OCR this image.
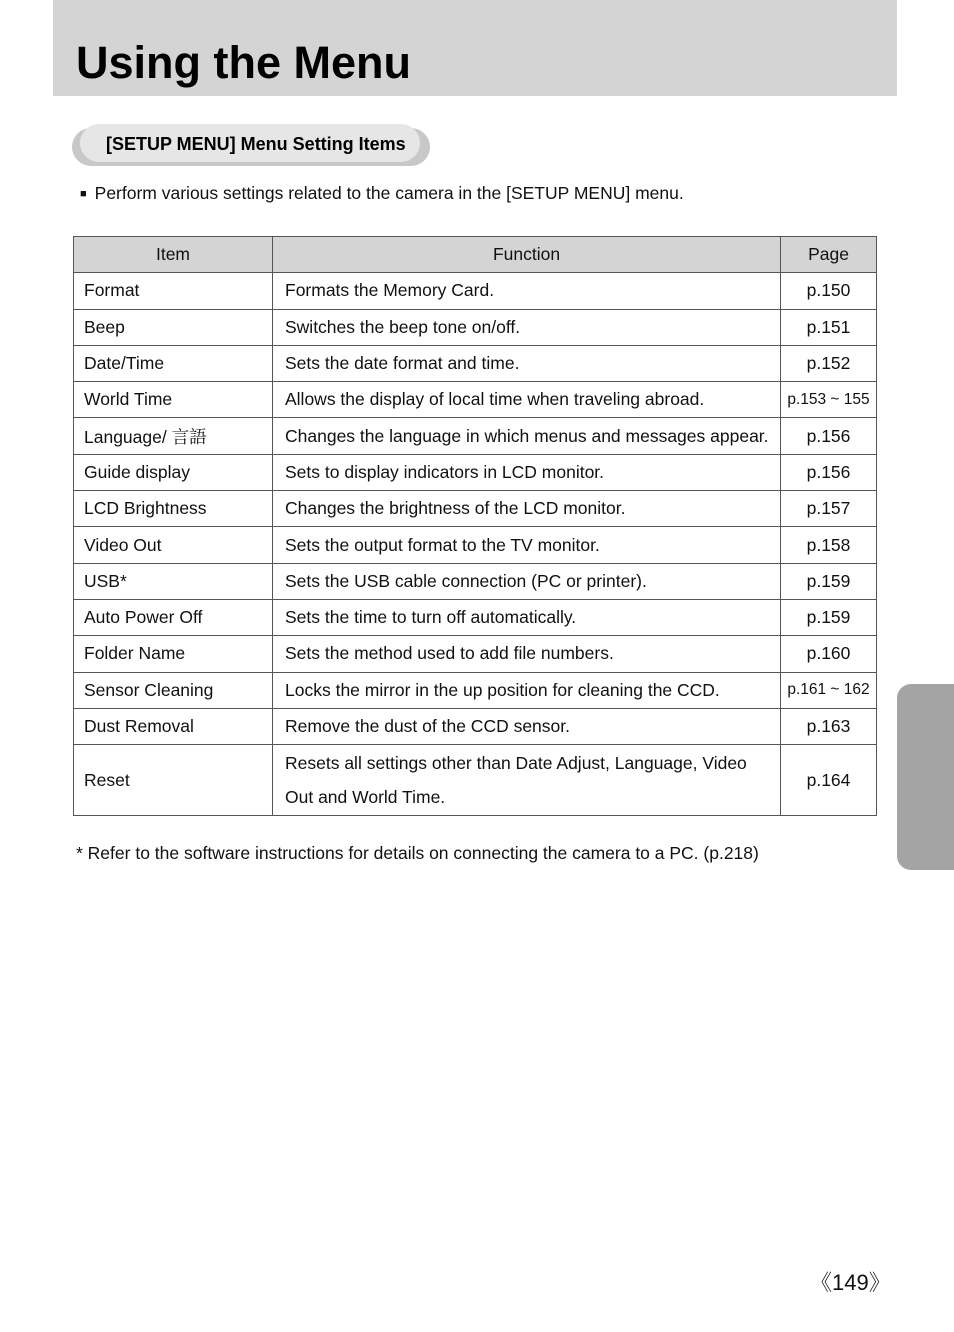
Using the Menu
[SETUP MENU] Menu Setting Items
■ Perform various settings related to the camera in the [SETUP MENU] menu.
Item	Function	Page
Format	Formats the Memory Card.	p.150
Beep	Switches the beep tone on/off.	p.151
Date/Time	Sets the date format and time.	p.152
World Time	Allows the display of local time when traveling abroad.	p.153 ~ 155
Language/ 言語	Changes the language in which menus and messages appear.	p.156
Guide display	Sets to display indicators in LCD monitor.	p.156
LCD Brightness	Changes the brightness of the LCD monitor.	p.157
Video Out	Sets the output format to the TV monitor.	p.158
USB*	Sets the USB cable connection (PC or printer).	p.159
Auto Power Off	Sets the time to turn off automatically.	p.159
Folder Name	Sets the method used to add file numbers.	p.160
Sensor Cleaning	Locks the mirror in the up position for cleaning the CCD.	p.161 ~ 162
Dust Removal	Remove the dust of the CCD sensor.	p.163
Reset	Resets all settings other than Date Adjust, Language, Video Out and World Time.	p.164
* Refer to the software instructions for details on connecting the camera to a PC. (p.218)
《149》
